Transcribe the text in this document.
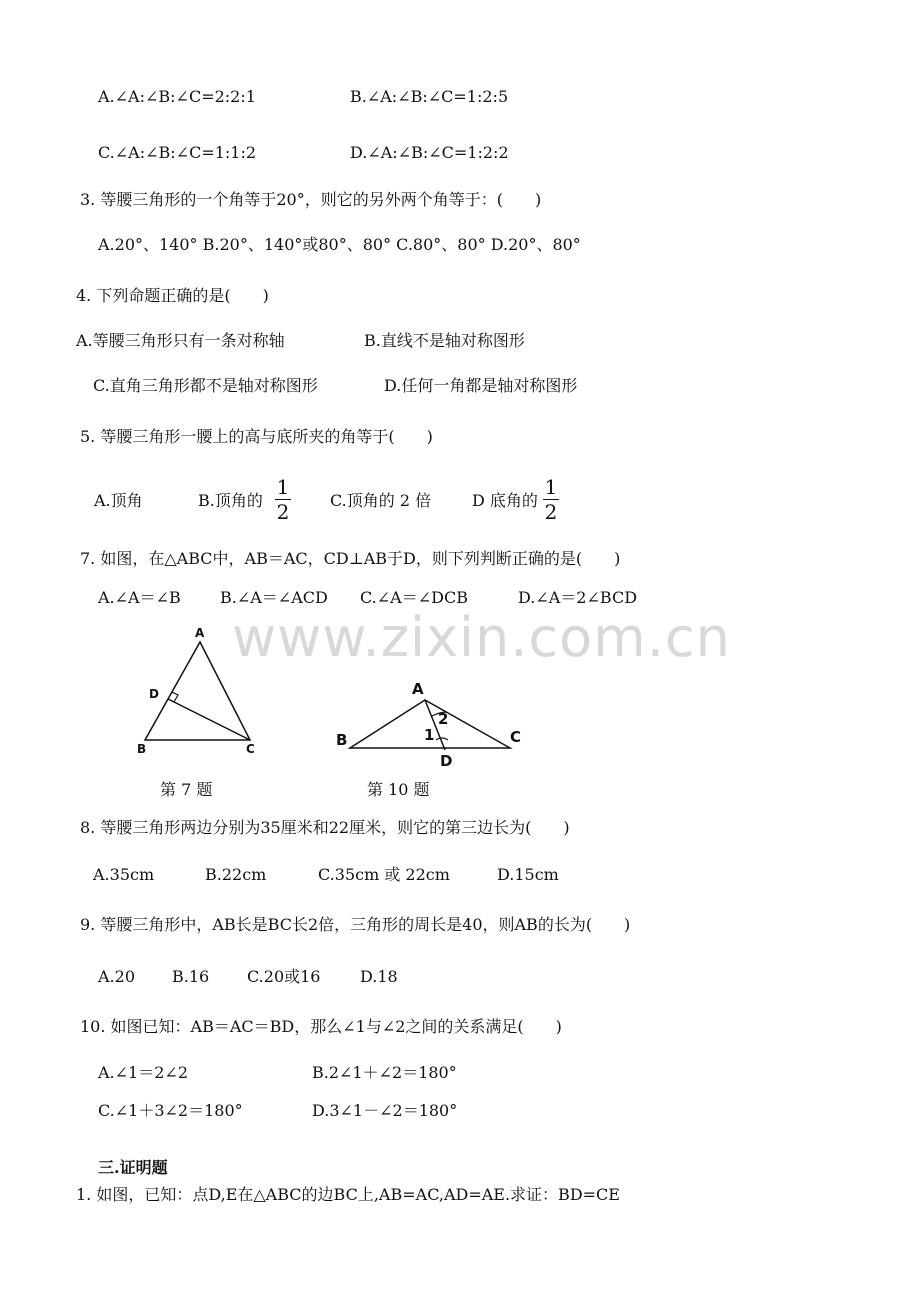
A.∠A:∠B:∠C=2:2:1	B.∠A:∠B:∠C=1:2:5
C.∠A:∠B:∠C=1:1:2	D.∠A:∠B:∠C=1:2:2
3. 等腰三角形的一个角等于20°，则它的另外两个角等于：(　　)
A.20°、140° B.20°、140°或80°、80° C.80°、80° D.20°、80°
4. 下列命题正确的是(　　)
A.等腰三角形只有一条对称轴	B.直线不是轴对称图形
C.直角三角形都不是轴对称图形	D.任何一角都是轴对称图形
5. 等腰三角形一腰上的高与底所夹的角等于(　　)
A.顶角	B.顶角的
1
2	C.顶角的 2 倍	D 底角的
1
2
7. 如图，在△ABC中，AB＝AC，CD⊥AB于D，则下列判断正确的是(　　)
A.∠A＝∠B B.∠A＝∠ACD C.∠A＝∠DCB	D.∠A＝2∠BCD
www.zixin.com.cn
A
D
B	C
第 7 题
A
2
1
B	C
D
第 10 题
8. 等腰三角形两边分别为35厘米和22厘米，则它的第三边长为(　　)
A.35cm	B.22cm	C.35cm 或 22cm	D.15cm
9. 等腰三角形中，AB长是BC长2倍，三角形的周长是40，则AB的长为(　　)
A.20 B.16 C.20或16 D.18
10. 如图已知：AB＝AC＝BD，那么∠1与∠2之间的关系满足(　　)
A.∠1＝2∠2	B.2∠1＋∠2＝180°
C.∠1＋3∠2＝180°	D.3∠1－∠2＝180°
三.证明题
1. 如图，已知：点D,E在△ABC的边BC上,AB=AC,AD=AE.求证：BD=CE
